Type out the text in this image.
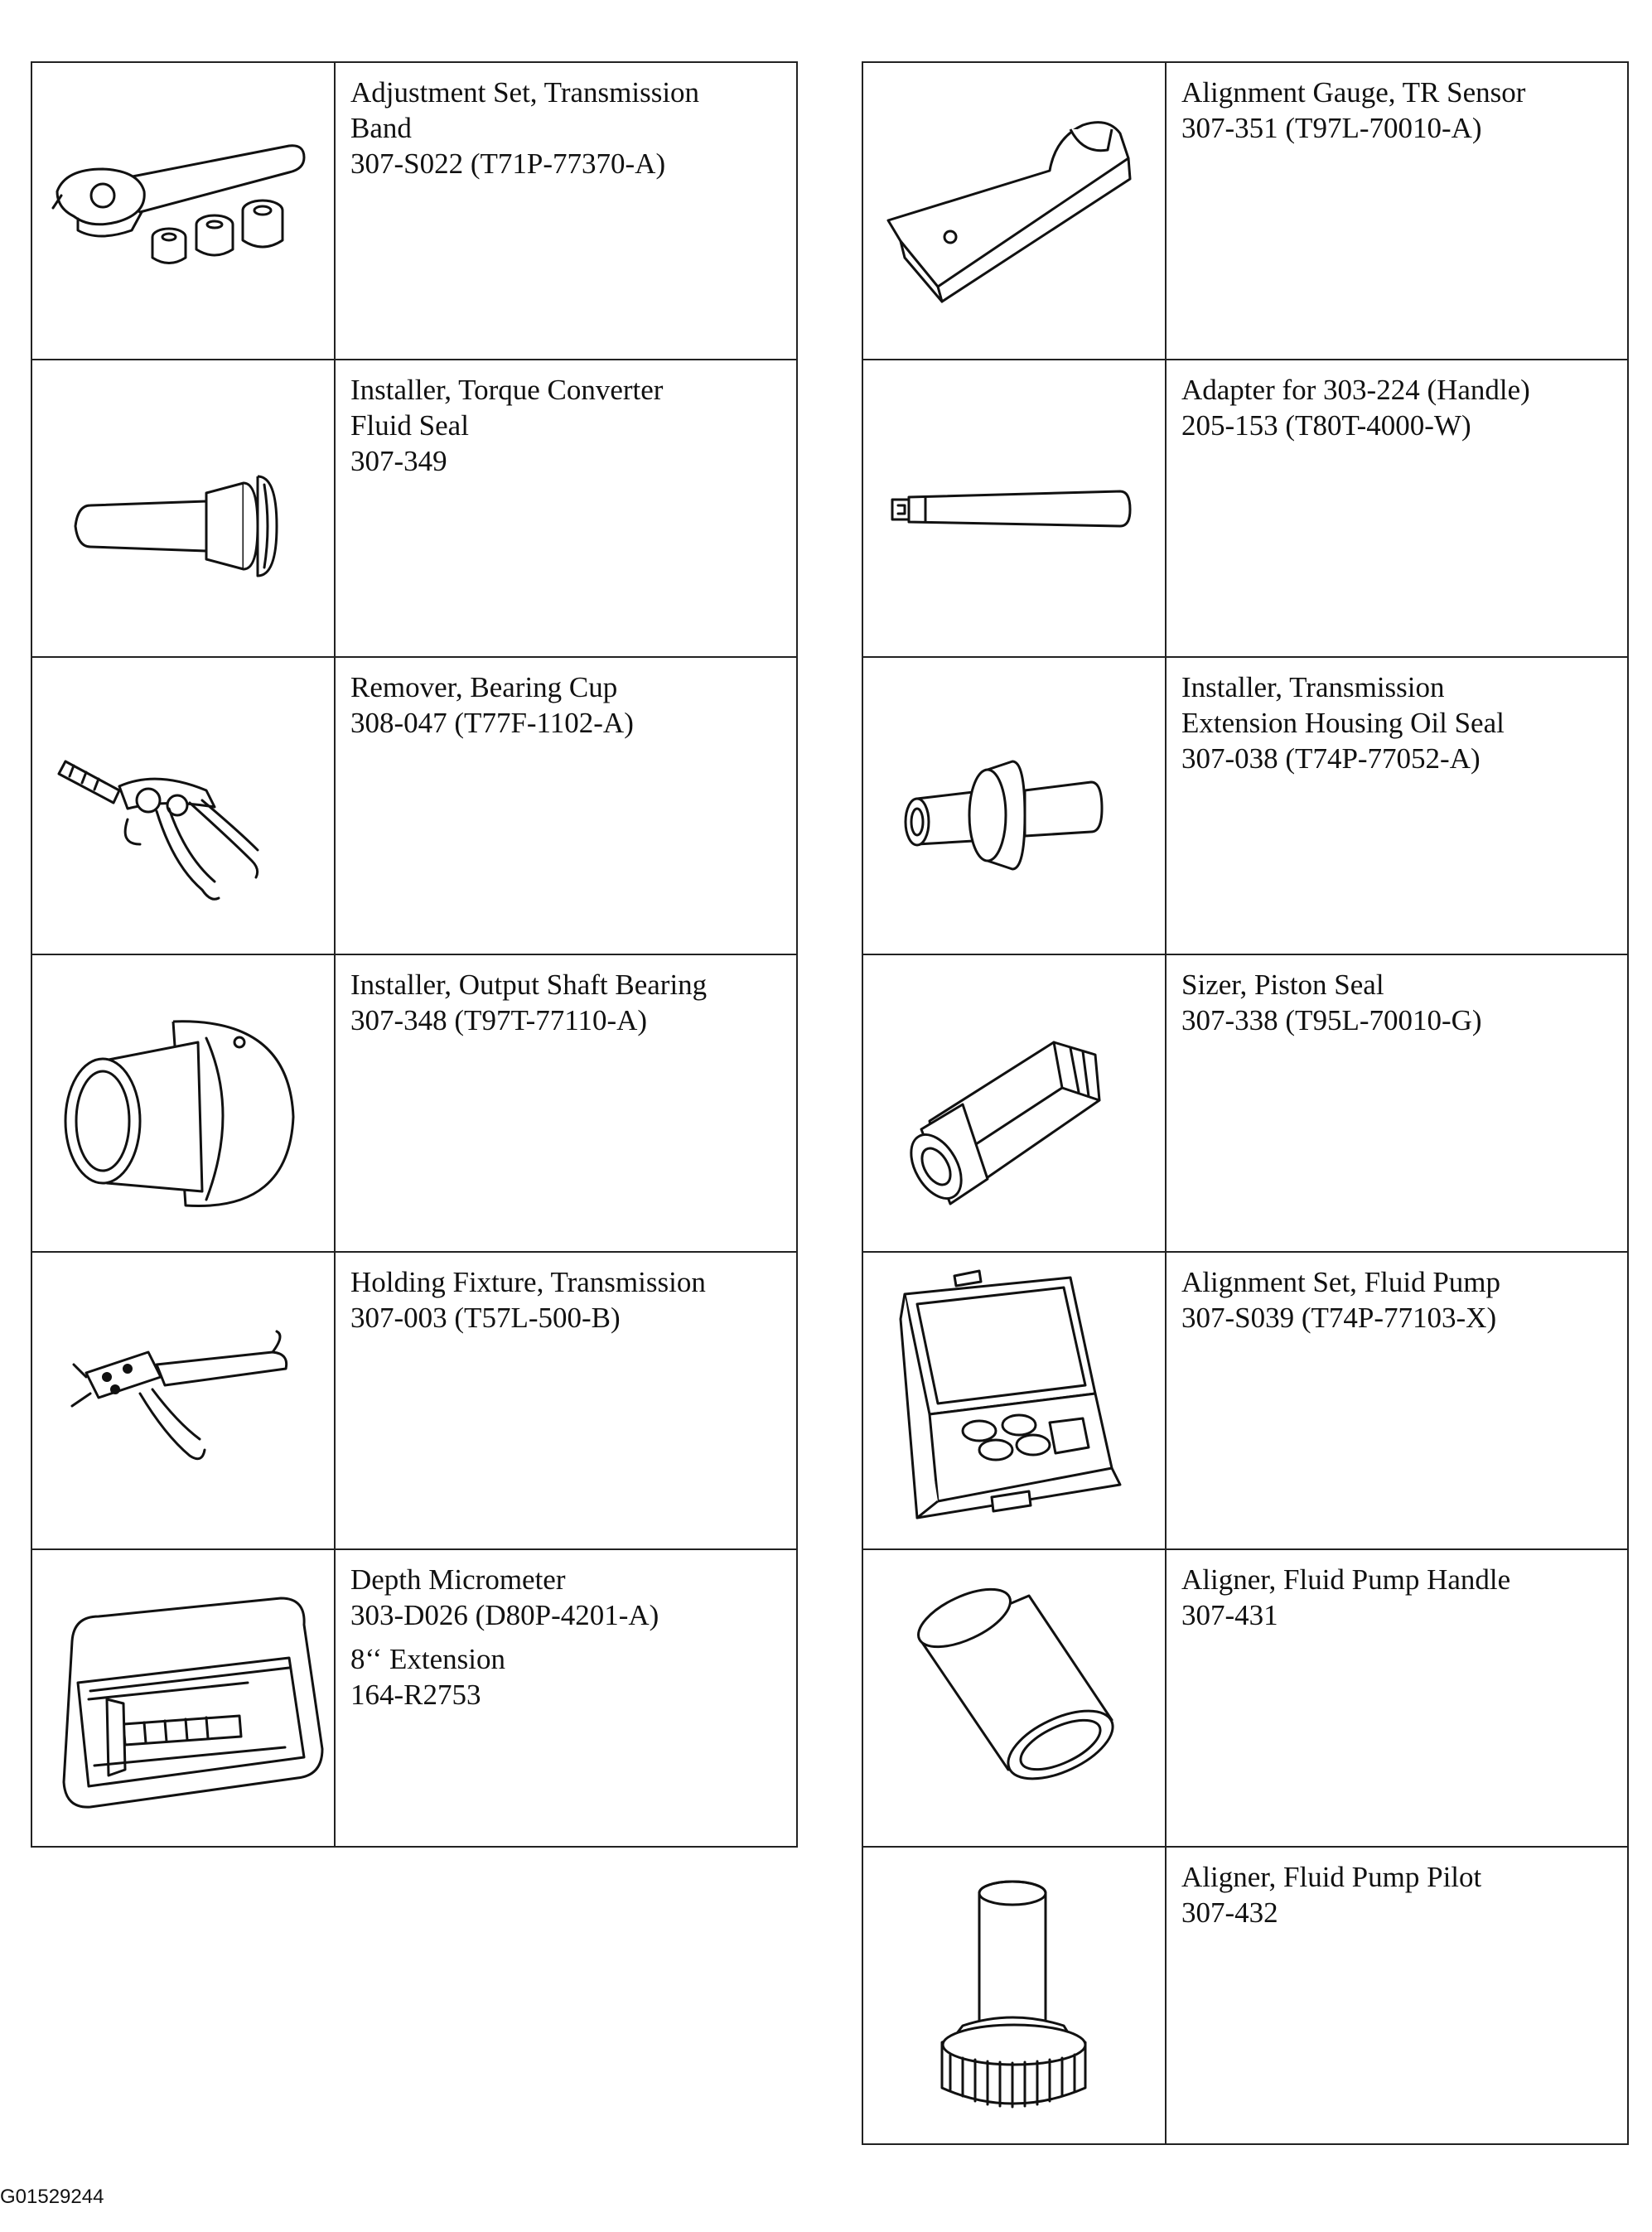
Adjustment Set, Transmission
Band
307-S022 (T71P-77370-A)

Installer, Torque Converter
Fluid Seal
307-349

Remover, Bearing Cup
308-047 (T77F-1102-A)

Installer, Output Shaft Bearing
307-348 (T97T-77110-A)

Holding Fixture, Transmission
307-003 (T57L-500-B)

Depth Micrometer
303-D026 (D80P-4201-A)
8‘‘ Extension
164-R2753

Alignment Gauge, TR Sensor
307-351 (T97L-70010-A)

Adapter for 303-224 (Handle)
205-153 (T80T-4000-W)

Installer, Transmission
Extension Housing Oil Seal
307-038 (T74P-77052-A)

Sizer, Piston Seal
307-338 (T95L-70010-G)

Alignment Set, Fluid Pump
307-S039 (T74P-77103-X)

Aligner, Fluid Pump Handle
307-431

Aligner, Fluid Pump Pilot
307-432
G01529244
